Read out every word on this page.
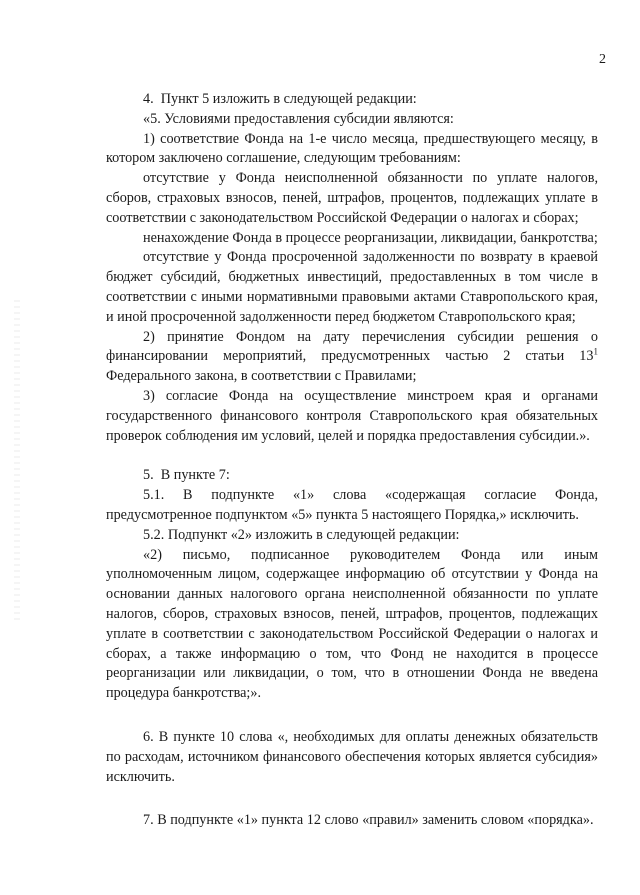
2

4.  Пункт 5 изложить в следующей редакции:

«5. Условиями предоставления субсидии являются:

1) соответствие Фонда на 1-е число месяца, предшествующего месяцу, в котором заключено соглашение, следующим требованиям:

отсутствие у Фонда неисполненной обязанности по уплате налогов, сборов, страховых взносов, пеней, штрафов, процентов, подлежащих уплате в соответствии с законодательством Российской Федерации о налогах и сборах;

ненахождение Фонда в процессе реорганизации, ликвидации, банкротства;

отсутствие у Фонда просроченной задолженности по возврату в краевой бюджет субсидий, бюджетных инвестиций, предоставленных в том числе в соответствии с иными нормативными правовыми актами Ставропольского края, и иной просроченной задолженности перед бюджетом Ставропольского края;

2) принятие Фондом на дату перечисления субсидии решения о финансировании мероприятий, предусмотренных частью 2 статьи $13^1$ Федерального закона, в соответствии с Правилами;

3) согласие Фонда на осуществление минстроем края и органами государственного финансового контроля Ставропольского края обязательных проверок соблюдения им условий, целей и порядка предоставления субсидии.».

5.  В пункте 7:

5.1. В подпункте «1» слова «содержащая согласие Фонда, предусмотренное подпунктом «5» пункта 5 настоящего Порядка,» исключить.

5.2. Подпункт «2» изложить в следующей редакции:

«2) письмо, подписанное руководителем Фонда или иным уполномоченным лицом, содержащее информацию об отсутствии у Фонда на основании данных налогового органа неисполненной обязанности по уплате налогов, сборов, страховых взносов, пеней, штрафов, процентов, подлежащих уплате в соответствии с законодательством Российской Федерации о налогах и сборах, а также информацию о том, что Фонд не находится в процессе реорганизации или ликвидации, о том, что в отношении Фонда не введена процедура банкротства;».

6. В пункте 10 слова «, необходимых для оплаты денежных обязательств по расходам, источником финансового обеспечения которых является субсидия» исключить.

7. В подпункте «1» пункта 12 слово «правил» заменить словом «порядка».
